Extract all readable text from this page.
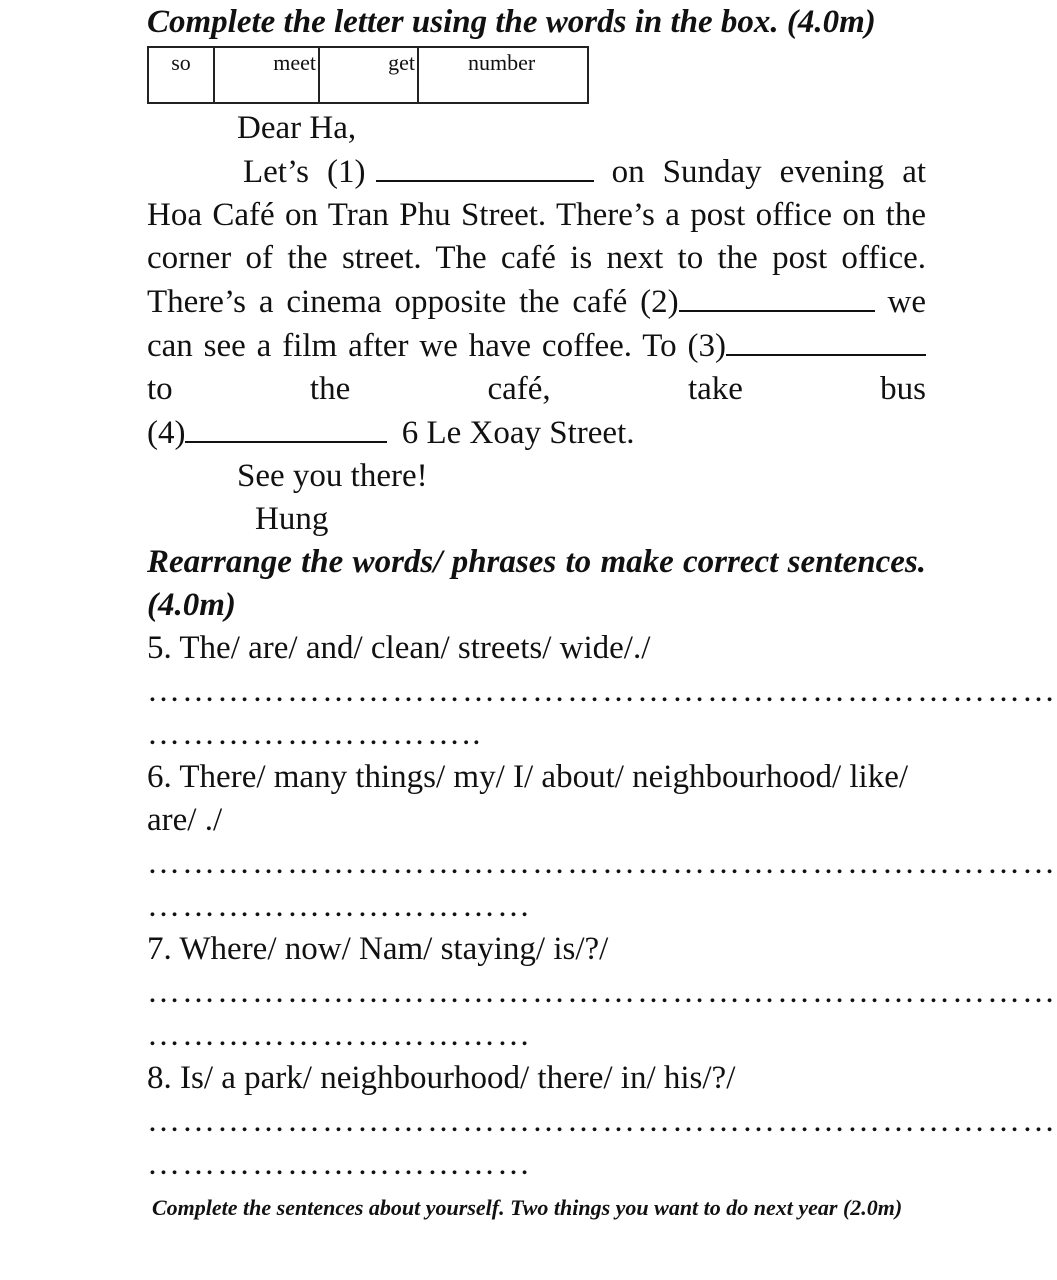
Complete the letter using the words in the box. (4.0m)

so	meet	get	number

Dear Ha,

Let’s (1)	on Sunday evening at Hoa Café on Tran Phu Street. There’s a post office on the corner of the street. The café is next to the post office. There’s a cinema opposite the café (2)	we can see a film after we have coffee. To (3) to the café, take bus

(4)	6 Le Xoay Street.

See you there!

Hung

Rearrange the words/ phrases to make correct sentences. (4.0m)

5. The/ are/ and/ clean/ streets/ wide/./

……………………………………………………………………

………………………..

6. There/ many things/ my/ I/ about/ neighbourhood/ like/ are/ ./

……………………………………………………………………

……………………………

7. Where/ now/ Nam/ staying/ is/?/

……………………………………………………………………

……………………………

8. Is/ a park/ neighbourhood/ there/ in/ his/?/

……………………………………………………………………

……………………………

Complete the sentences about yourself. Two things you want to do next year (2.0m)
